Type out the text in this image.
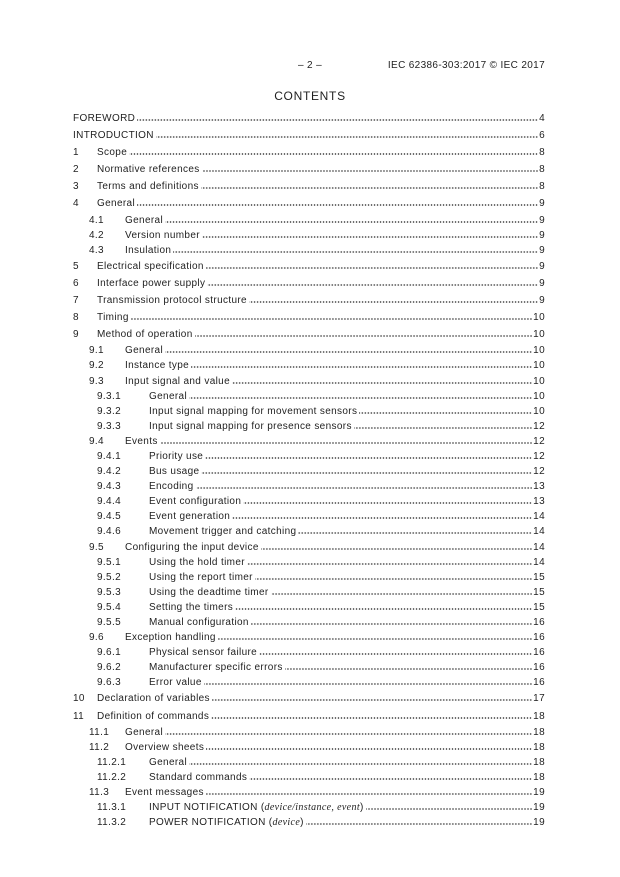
– 2 –	IEC 62386-303:2017 © IEC 2017
CONTENTS
FOREWORD	4
INTRODUCTION	6
1	Scope	8
2	Normative references	8
3	Terms and definitions	8
4	General	9
4.1	General	9
4.2	Version number	9
4.3	Insulation	9
5	Electrical specification	9
6	Interface power supply	9
7	Transmission protocol structure	9
8	Timing	10
9	Method of operation	10
9.1	General	10
9.2	Instance type	10
9.3	Input signal and value	10
9.3.1	General	10
9.3.2	Input signal mapping for movement sensors	10
9.3.3	Input signal mapping for presence sensors	12
9.4	Events	12
9.4.1	Priority use	12
9.4.2	Bus usage	12
9.4.3	Encoding	13
9.4.4	Event configuration	13
9.4.5	Event generation	14
9.4.6	Movement trigger and catching	14
9.5	Configuring the input device	14
9.5.1	Using the hold timer	14
9.5.2	Using the report timer	15
9.5.3	Using the deadtime timer	15
9.5.4	Setting the timers	15
9.5.5	Manual configuration	16
9.6	Exception handling	16
9.6.1	Physical sensor failure	16
9.6.2	Manufacturer specific errors	16
9.6.3	Error value	16
10	Declaration of variables	17
11	Definition of commands	18
11.1	General	18
11.2	Overview sheets	18
11.2.1	General	18
11.2.2	Standard commands	18
11.3	Event messages	19
11.3.1	INPUT NOTIFICATION (device/instance, event)	19
11.3.2	POWER NOTIFICATION (device)	19
